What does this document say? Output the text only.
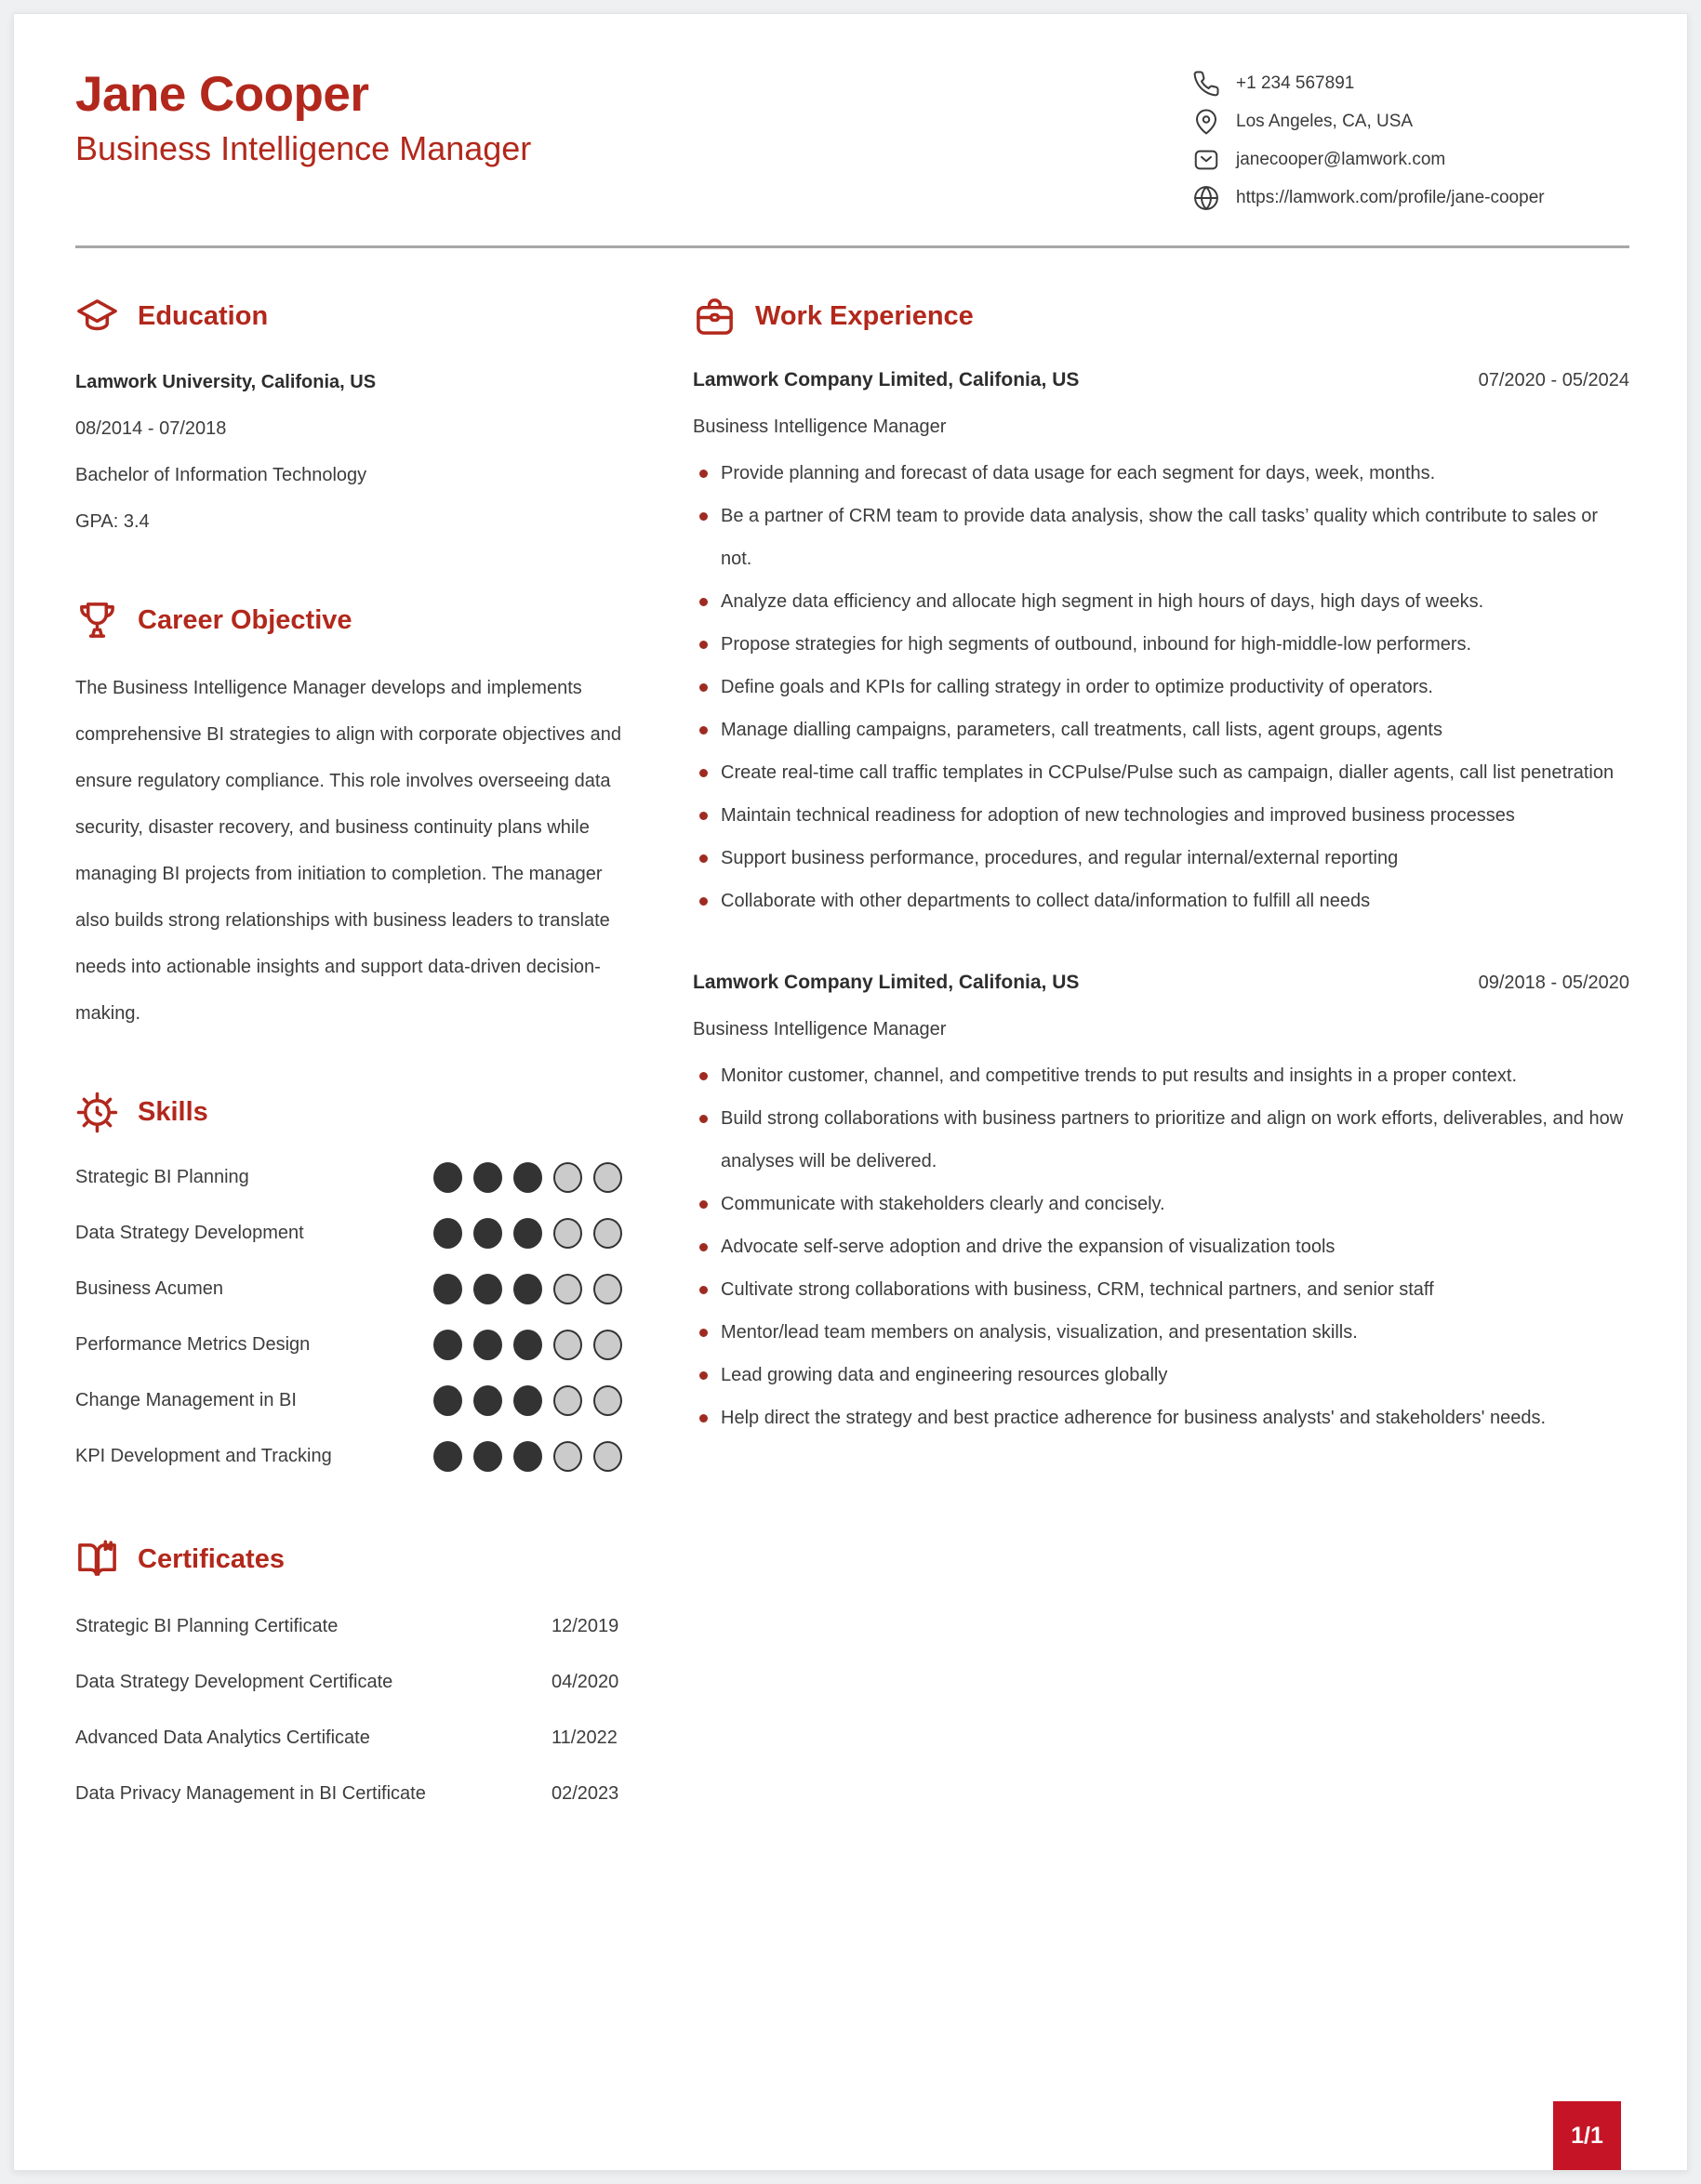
Jane Cooper
Business Intelligence Manager
+1 234 567891
Los Angeles, CA, USA
janecooper@lamwork.com
https://lamwork.com/profile/jane-cooper
Education
Lamwork University, Califonia, US
08/2014 - 07/2018
Bachelor of Information Technology
GPA: 3.4
Career Objective

The Business Intelligence Manager develops and implements comprehensive BI strategies to align with corporate objectives and ensure regulatory compliance. This role involves overseeing data security, disaster recovery, and business continuity plans while managing BI projects from initiation to completion. The manager also builds strong relationships with business leaders to translate needs into actionable insights and support data-driven decision-making.

Skills
Strategic BI Planning
Data Strategy Development
Business Acumen
Performance Metrics Design
Change Management in BI
KPI Development and Tracking
Certificates
Strategic BI Planning Certificate	12/2019
Data Strategy Development Certificate	04/2020
Advanced Data Analytics Certificate	11/2022
Data Privacy Management in BI Certificate	02/2023
Work Experience
Lamwork Company Limited, Califonia, US	07/2020 - 05/2024
Business Intelligence Manager
Provide planning and forecast of data usage for each segment for days, week, months.
Be a partner of CRM team to provide data analysis, show the call tasks’ quality which contribute to sales or not.
Analyze data efficiency and allocate high segment in high hours of days, high days of weeks.
Propose strategies for high segments of outbound, inbound for high-middle-low performers.
Define goals and KPIs for calling strategy in order to optimize productivity of operators.
Manage dialling campaigns, parameters, call treatments, call lists, agent groups, agents
Create real-time call traffic templates in CCPulse/Pulse such as campaign, dialler agents, call list penetration
Maintain technical readiness for adoption of new technologies and improved business processes
Support business performance, procedures, and regular internal/external reporting
Collaborate with other departments to collect data/information to fulfill all needs
Lamwork Company Limited, Califonia, US	09/2018 - 05/2020
Business Intelligence Manager
Monitor customer, channel, and competitive trends to put results and insights in a proper context.
Build strong collaborations with business partners to prioritize and align on work efforts, deliverables, and how analyses will be delivered.
Communicate with stakeholders clearly and concisely.
Advocate self-serve adoption and drive the expansion of visualization tools
Cultivate strong collaborations with business, CRM, technical partners, and senior staff
Mentor/lead team members on analysis, visualization, and presentation skills.
Lead growing data and engineering resources globally
Help direct the strategy and best practice adherence for business analysts' and stakeholders' needs.
1/1
